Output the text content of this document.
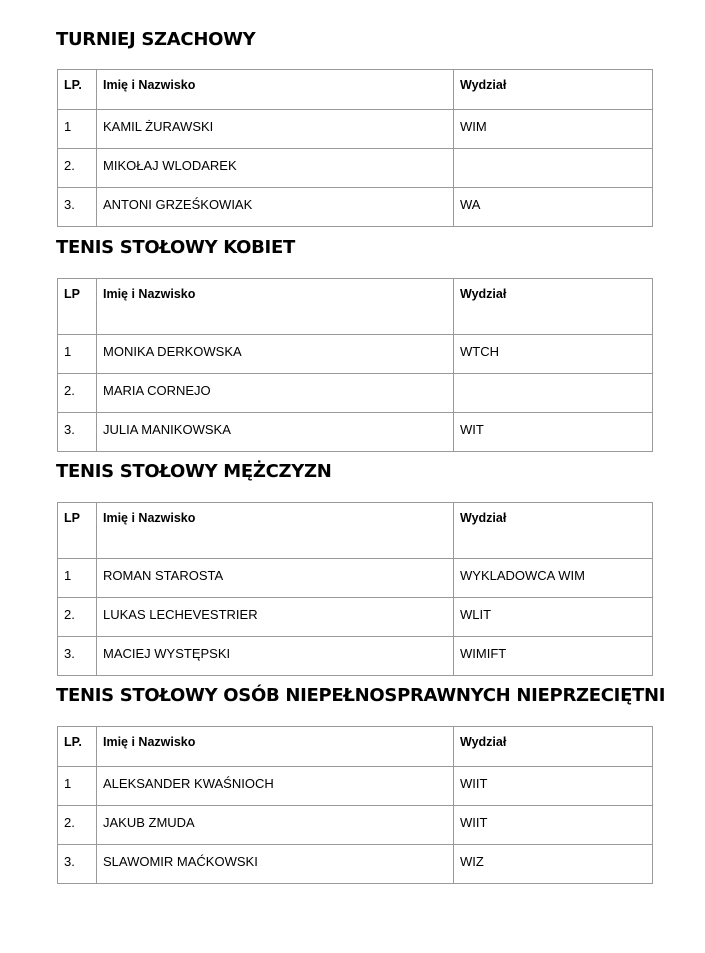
TURNIEJ SZACHOWY
LP.	Imię i Nazwisko	Wydział
1	KAMIL ŻURAWSKI	WIM
2.	MIKOŁAJ WLODAREK	
3.	ANTONI GRZEŚKOWIAK	WA
TENIS STOŁOWY KOBIET
LP	Imię i Nazwisko	Wydział
1	MONIKA DERKOWSKA	WTCH
2.	MARIA CORNEJO	
3.	JULIA MANIKOWSKA	WIT
TENIS STOŁOWY MĘŻCZYZN
LP	Imię i Nazwisko	Wydział
1	ROMAN STAROSTA	WYKLADOWCA WIM
2.	LUKAS LECHEVESTRIER	WLIT
3.	MACIEJ WYSTĘPSKI	WIMIFT
TENIS STOŁOWY OSÓB NIEPEŁNOSPRAWNYCH NIEPRZECIĘTNI
LP.	Imię i Nazwisko	Wydział
1	ALEKSANDER KWAŚNIOCH	WIIT
2.	JAKUB ZMUDA	WIIT
3.	SLAWOMIR MAĆKOWSKI	WIZ
